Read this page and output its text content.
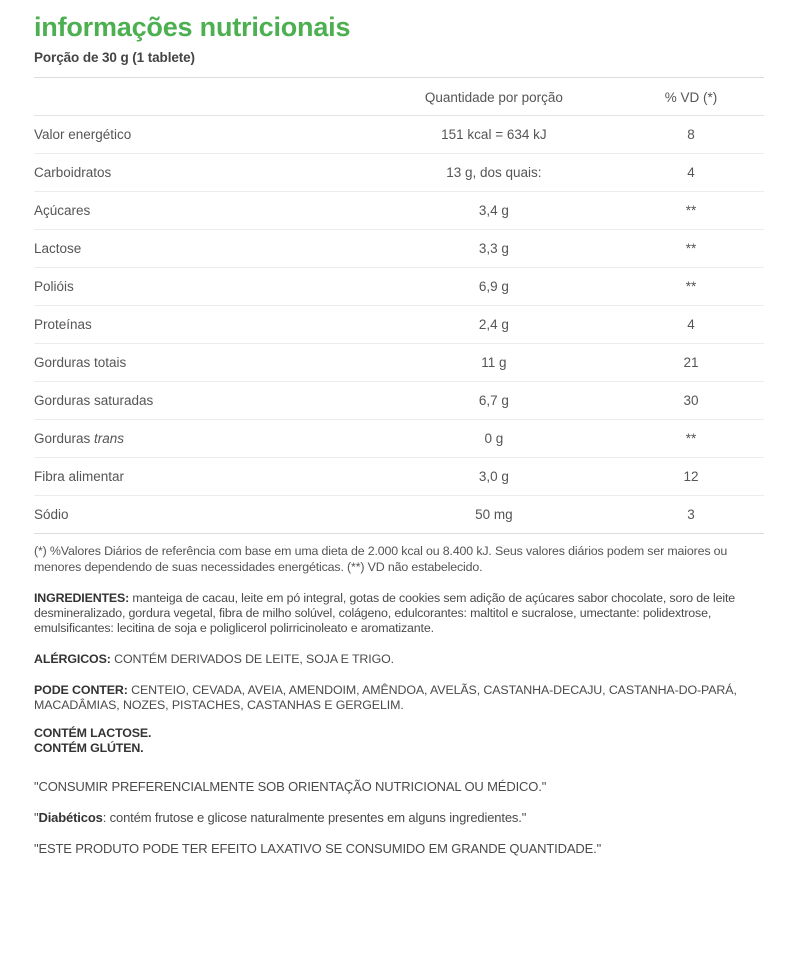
informações nutricionais
Porção de 30 g (1 tablete)
	Quantidade por porção	% VD (*)
Valor energético	151 kcal = 634 kJ	8
Carboidratos	13 g, dos quais:	4
Açúcares	3,4 g	**
Lactose	3,3 g	**
Polióis	6,9 g	**
Proteínas	2,4 g	4
Gorduras totais	11 g	21
Gorduras saturadas	6,7 g	30
Gorduras trans	0 g	**
Fibra alimentar	3,0 g	12
Sódio	50 mg	3
(*) %Valores Diários de referência com base em uma dieta de 2.000 kcal ou 8.400 kJ. Seus valores diários podem ser maiores ou menores dependendo de suas necessidades energéticas. (**) VD não estabelecido.
INGREDIENTES: manteiga de cacau, leite em pó integral, gotas de cookies sem adição de açúcares sabor chocolate, soro de leite desmineralizado, gordura vegetal, fibra de milho solúvel, colágeno, edulcorantes: maltitol e sucralose, umectante: polidextrose, emulsificantes: lecitina de soja e poliglicerol polirricinoleato e aromatizante.
ALÉRGICOS: CONTÉM DERIVADOS DE LEITE, SOJA E TRIGO.
PODE CONTER: CENTEIO, CEVADA, AVEIA, AMENDOIM, AMÊNDOA, AVELÃS, CASTANHA-DECAJU, CASTANHA-DO-PARÁ, MACADÂMIAS, NOZES, PISTACHES, CASTANHAS E GERGELIM.
CONTÉM LACTOSE.
CONTÉM GLÚTEN.
"CONSUMIR PREFERENCIALMENTE SOB ORIENTAÇÃO NUTRICIONAL OU MÉDICO."
"Diabéticos: contém frutose e glicose naturalmente presentes em alguns ingredientes."
"ESTE PRODUTO PODE TER EFEITO LAXATIVO SE CONSUMIDO EM GRANDE QUANTIDADE."
